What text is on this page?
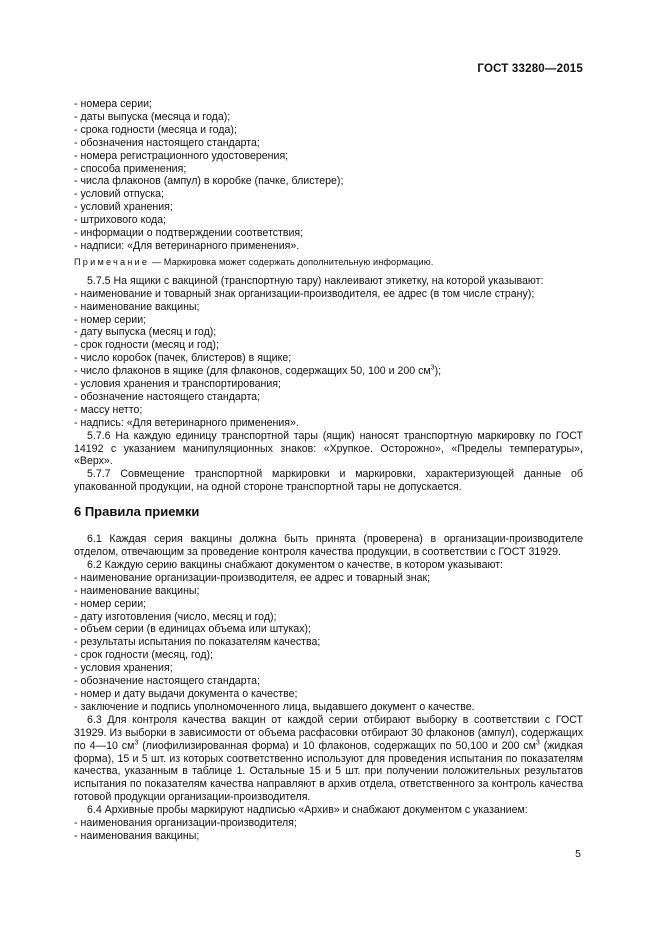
ГОСТ 33280—2015
- номера серии;
- даты выпуска (месяца и года);
- срока годности (месяца и года);
- обозначения настоящего стандарта;
- номера регистрационного удостоверения;
- способа применения;
- числа флаконов (ампул) в коробке (пачке, блистере);
- условий отпуска;
- условий хранения;
- штрихового кода;
- информации о подтверждении соответствия;
- надписи: «Для ветеринарного применения».
Примечание — Маркировка может содержать дополнительную информацию.
5.7.5 На ящики с вакциной (транспортную тару) наклеивают этикетку, на которой указывают:
- наименование и товарный знак организации-производителя, ее адрес (в том числе страну);
- наименование вакцины;
- номер серии;
- дату выпуска (месяц и год);
- срок годности (месяц и год);
- число коробок (пачек, блистеров) в ящике;
- число флаконов в ящике (для флаконов, содержащих 50, 100 и 200 $см^3$);
- условия хранения и транспортирования;
- обозначение настоящего стандарта;
- массу нетто;
- надпись: «Для ветеринарного применения».
5.7.6 На каждую единицу транспортной тары (ящик) наносят транспортную маркировку по ГОСТ 14192 с указанием манипуляционных знаков: «Хрупкое. Осторожно», «Пределы температуры», «Верх».
5.7.7 Совмещение транспортной маркировки и маркировки, характеризующей данные об упакованной продукции, на одной стороне транспортной тары не допускается.
6 Правила приемки
6.1 Каждая серия вакцины должна быть принята (проверена) в организации-производителе отделом, отвечающим за проведение контроля качества продукции, в соответствии с ГОСТ 31929.
6.2 Каждую серию вакцины снабжают документом о качестве, в котором указывают:
- наименование организации-производителя, ее адрес и товарный знак;
- наименование вакцины;
- номер серии;
- дату изготовления (число, месяц и год);
- объем серии (в единицах объема или штуках);
- результаты испытания по показателям качества;
- срок годности (месяц, год);
- условия хранения;
- обозначение настоящего стандарта;
- номер и дату выдачи документа о качестве;
- заключение и подпись уполномоченного лица, выдавшего документ о качестве.
6.3 Для контроля качества вакцин от каждой серии отбирают выборку в соответствии с ГОСТ 31929. Из выборки в зависимости от объема расфасовки отбирают 30 флаконов (ампул), содержащих по 4—10 $см^3$ (лиофилизированная форма) и 10 флаконов, содержащих по 50,100 и 200 $см^3$ (жидкая форма), 15 и 5 шт. из которых соответственно используют для проведения испытания по показателям качества, указанным в таблице 1. Остальные 15 и 5 шт. при получении положительных результатов испытания по показателям качества направляют в архив отдела, ответственного за контроль качества готовой продукции организации-производителя.
6.4 Архивные пробы маркируют надписью «Архив» и снабжают документом с указанием:
- наименования организации-производителя;
- наименования вакцины;
5
